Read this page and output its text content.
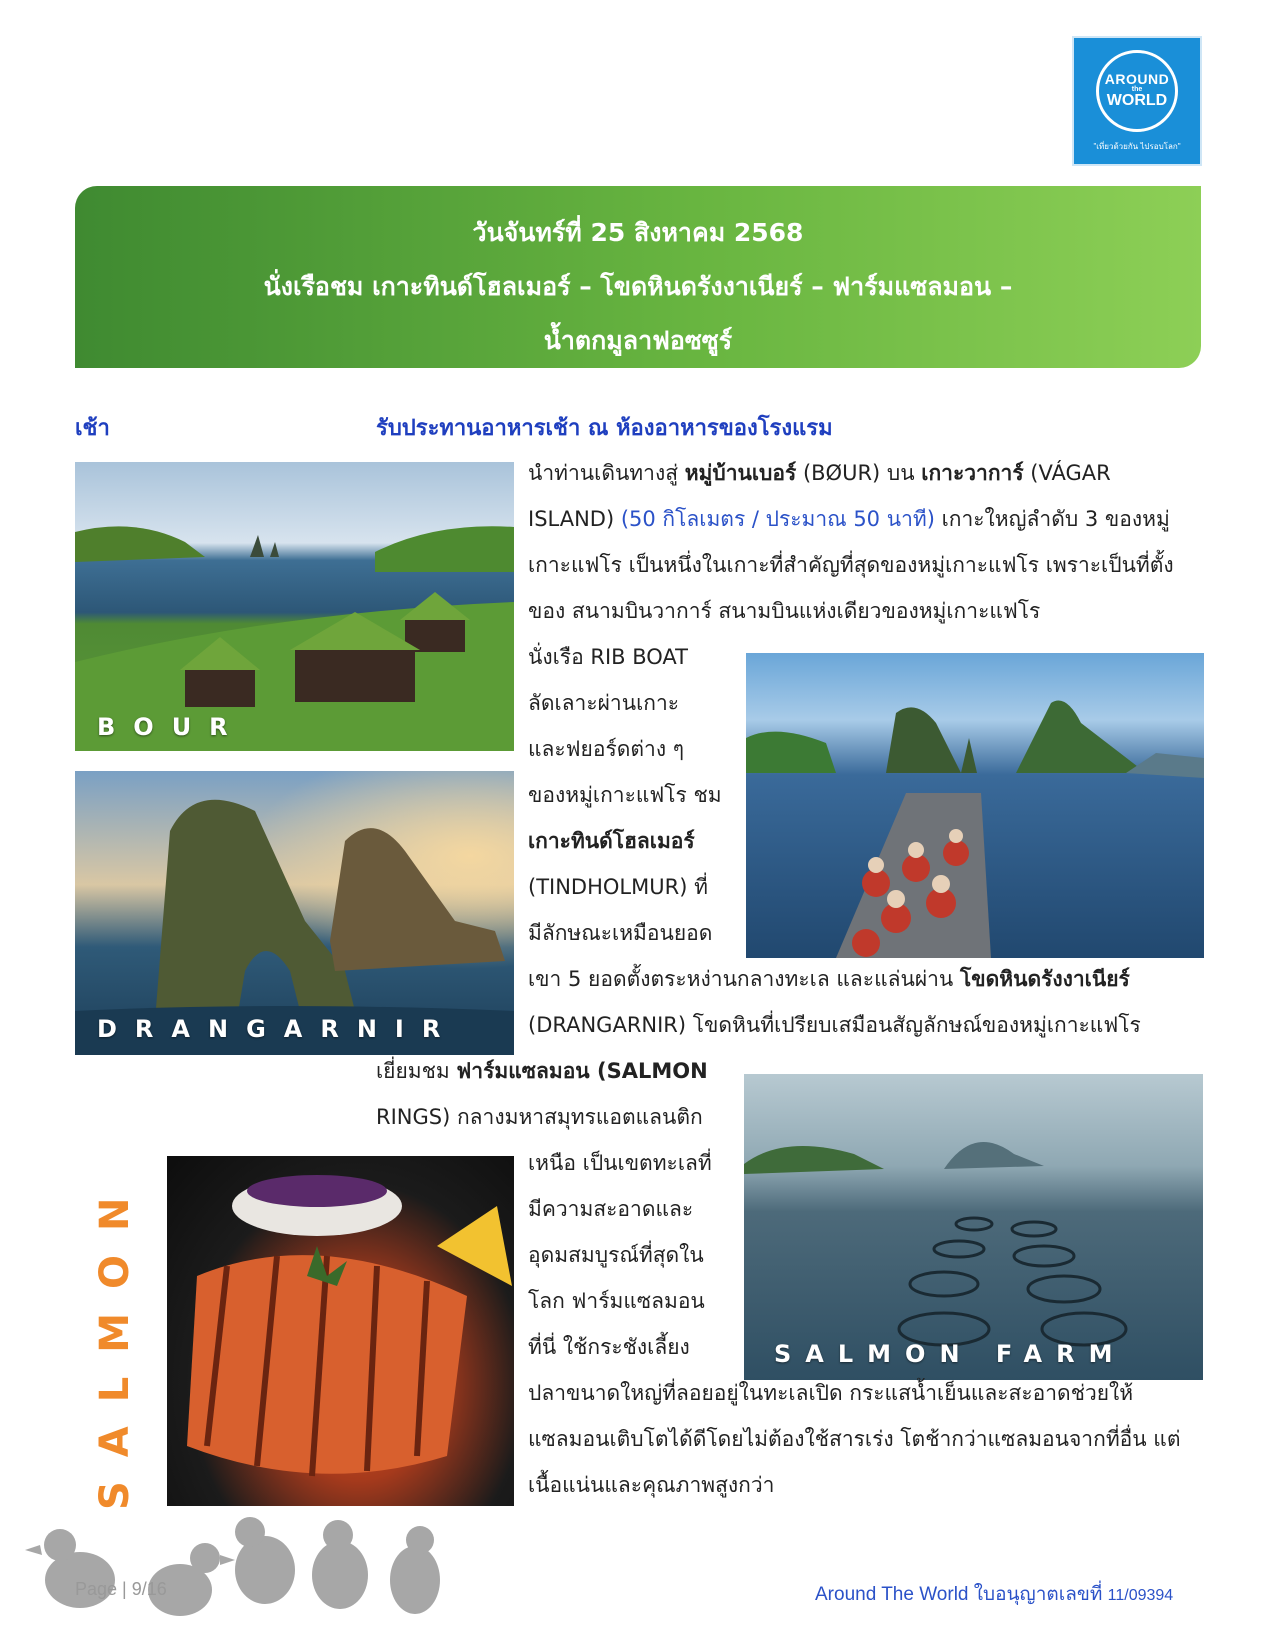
AROUND
the
WORLD
"เที่ยวด้วยกัน ไปรอบโลก"
วันจันทร์ที่ 25 สิงหาคม 2568
นั่งเรือชม เกาะทินด์โฮลเมอร์ – โขดหินดรังงาเนียร์ – ฟาร์มแซลมอน –
น้ำตกมูลาฟอซซูร์
เช้า	รับประทานอาหารเช้า ณ ห้องอาหารของโรงแรม
BOUR
DRANGARNIR
SALMON FARM
SALMON
นำท่านเดินทางสู่ หมู่บ้านเบอร์ (BØUR) บน เกาะวาการ์ (VÁGAR
ISLAND) (50 กิโลเมตร / ประมาณ 50 นาที) เกาะใหญ่ลำดับ 3 ของหมู่
เกาะแฟโร เป็นหนึ่งในเกาะที่สำคัญที่สุดของหมู่เกาะแฟโร เพราะเป็นที่ตั้ง
ของ สนามบินวาการ์ สนามบินแห่งเดียวของหมู่เกาะแฟโร
นั่งเรือ RIB BOAT
ลัดเลาะผ่านเกาะ
และฟยอร์ดต่าง ๆ
ของหมู่เกาะแฟโร ชม
เกาะทินด์โฮลเมอร์
(TINDHOLMUR) ที่
มีลักษณะเหมือนยอด
เขา 5 ยอดตั้งตระหง่านกลางทะเล และแล่นผ่าน โขดหินดรังงาเนียร์
(DRANGARNIR) โขดหินที่เปรียบเสมือนสัญลักษณ์ของหมู่เกาะแฟโร
เยี่ยมชม ฟาร์มแซลมอน (SALMON
RINGS) กลางมหาสมุทรแอตแลนติก
เหนือ เป็นเขตทะเลที่
มีความสะอาดและ
อุดมสมบูรณ์ที่สุดใน
โลก ฟาร์มแซลมอน
ที่นี่ ใช้กระชังเลี้ยง
ปลาขนาดใหญ่ที่ลอยอยู่ในทะเลเปิด กระแสน้ำเย็นและสะอาดช่วยให้
แซลมอนเติบโตได้ดีโดยไม่ต้องใช้สารเร่ง โตช้ากว่าแซลมอนจากที่อื่น แต่
เนื้อแน่นและคุณภาพสูงกว่า
Page | 9/16	Around The World ใบอนุญาตเลขที่ 11/09394
